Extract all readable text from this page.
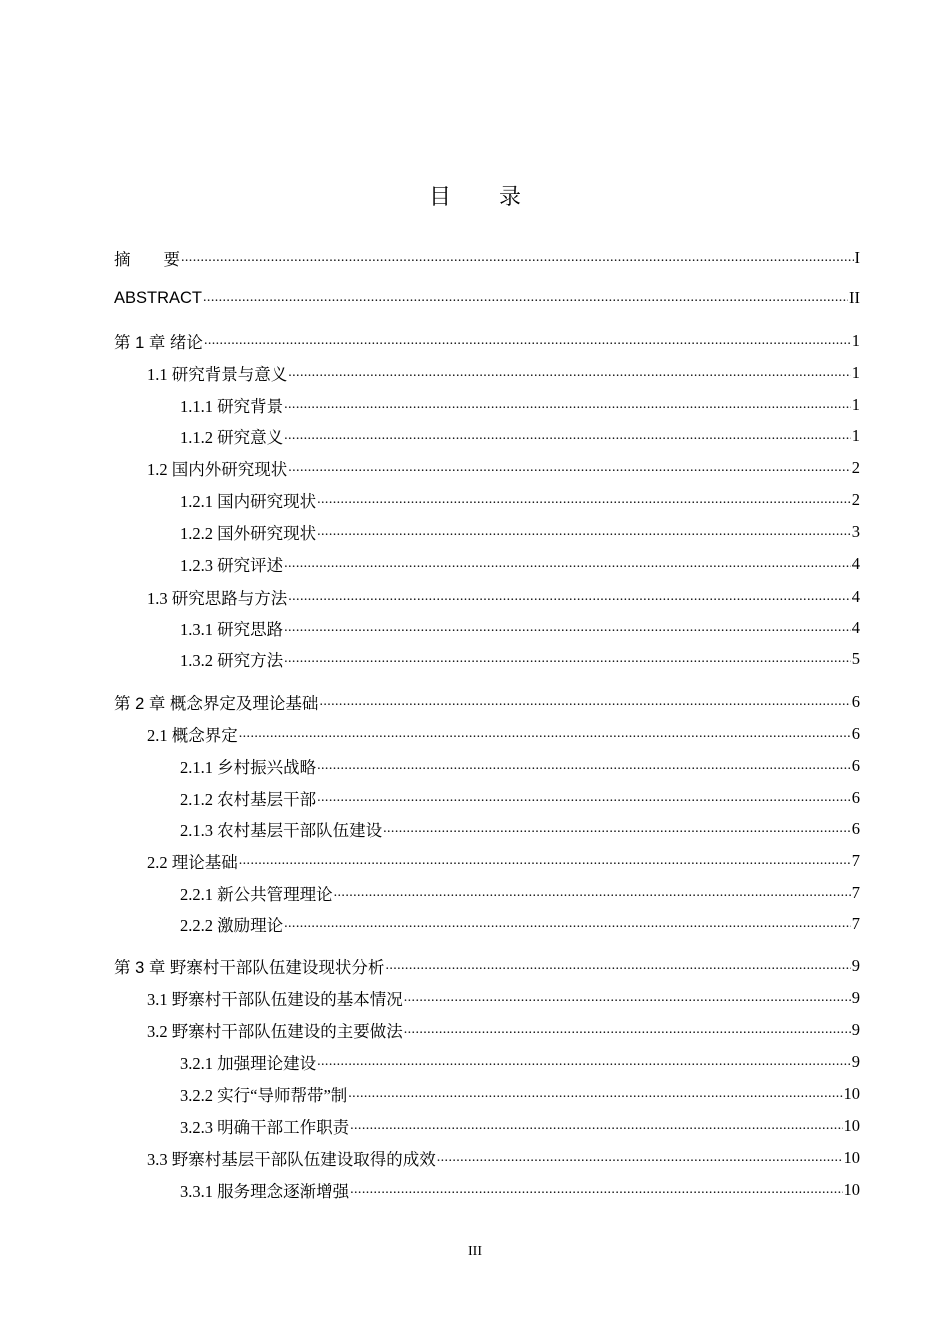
目录
摘　　要 .....	I
ABSTRACT .....	II
第 1 章 绪论 .....	1
1.1 研究背景与意义 .....	1
1.1.1 研究背景 .....	1
1.1.2 研究意义 .....	1
1.2 国内外研究现状 .....	2
1.2.1 国内研究现状 .....	2
1.2.2 国外研究现状 .....	3
1.2.3 研究评述 .....	4
1.3 研究思路与方法 .....	4
1.3.1 研究思路 .....	4
1.3.2 研究方法 .....	5
第 2 章 概念界定及理论基础 .....	6
2.1 概念界定 .....	6
2.1.1 乡村振兴战略 .....	6
2.1.2 农村基层干部 .....	6
2.1.3 农村基层干部队伍建设 .....	6
2.2 理论基础 .....	7
2.2.1 新公共管理理论 .....	7
2.2.2 激励理论 .....	7
第 3 章 野寨村干部队伍建设现状分析 .....	9
3.1 野寨村干部队伍建设的基本情况 .....	9
3.2 野寨村干部队伍建设的主要做法 .....	9
3.2.1 加强理论建设 .....	9
3.2.2 实行“导师帮带”制 .....	10
3.2.3 明确干部工作职责 .....	10
3.3 野寨村基层干部队伍建设取得的成效 .....	10
3.3.1 服务理念逐渐增强 .....	10
III
